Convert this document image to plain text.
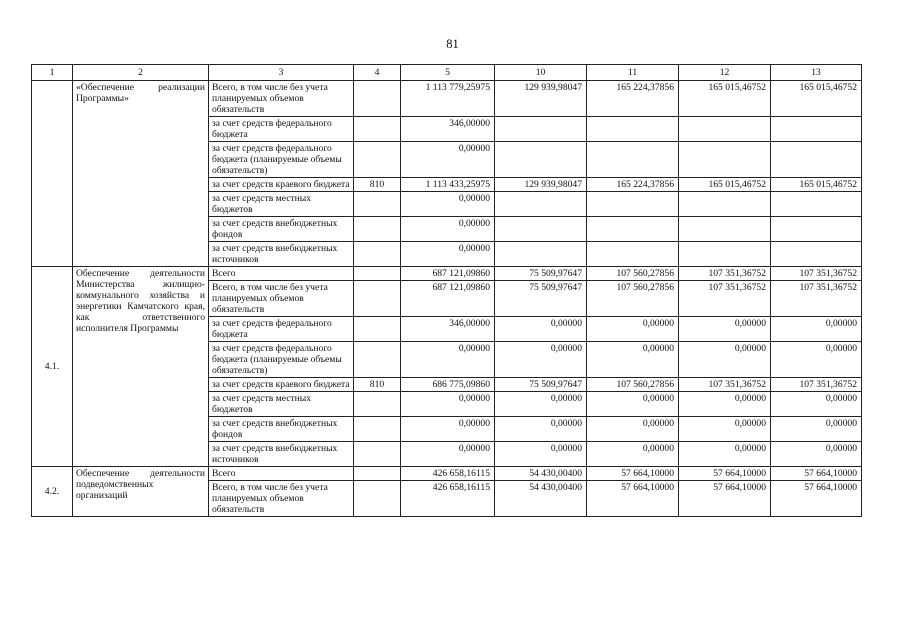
81
1	2	3	4	5	10	11	12	13
	«Обеспечение реализации Программы»	Всего, в том числе без учета планируемых объемов обязательств		1 113 779,25975	129 939,98047	165 224,37856	165 015,46752	165 015,46752
		за счет средств федерального бюджета		346,00000				
		за счет средств федерального бюджета (планируемые объемы обязательств)		0,00000				
		за счет средств краевого бюджета	810	1 113 433,25975	129 939,98047	165 224,37856	165 015,46752	165 015,46752
		за счет средств местных бюджетов		0,00000				
		за счет средств внебюджетных фондов		0,00000				
		за счет средств внебюджетных источников		0,00000				
4.1.	Обеспечение деятельности Министерства жилищно-коммунального хозяйства и энергетики Камчатского края, как ответственного исполнителя Программы	Всего		687 121,09860	75 509,97647	107 560,27856	107 351,36752	107 351,36752
		Всего, в том числе без учета планируемых объемов обязательств		687 121,09860	75 509,97647	107 560,27856	107 351,36752	107 351,36752
		за счет средств федерального бюджета		346,00000	0,00000	0,00000	0,00000	0,00000
		за счет средств федерального бюджета (планируемые объемы обязательств)		0,00000	0,00000	0,00000	0,00000	0,00000
		за счет средств краевого бюджета	810	686 775,09860	75 509,97647	107 560,27856	107 351,36752	107 351,36752
		за счет средств местных бюджетов		0,00000	0,00000	0,00000	0,00000	0,00000
		за счет средств внебюджетных фондов		0,00000	0,00000	0,00000	0,00000	0,00000
		за счет средств внебюджетных источников		0,00000	0,00000	0,00000	0,00000	0,00000
4.2.	Обеспечение деятельности подведомственных организаций	Всего		426 658,16115	54 430,00400	57 664,10000	57 664,10000	57 664,10000
		Всего, в том числе без учета планируемых объемов обязательств		426 658,16115	54 430,00400	57 664,10000	57 664,10000	57 664,10000
